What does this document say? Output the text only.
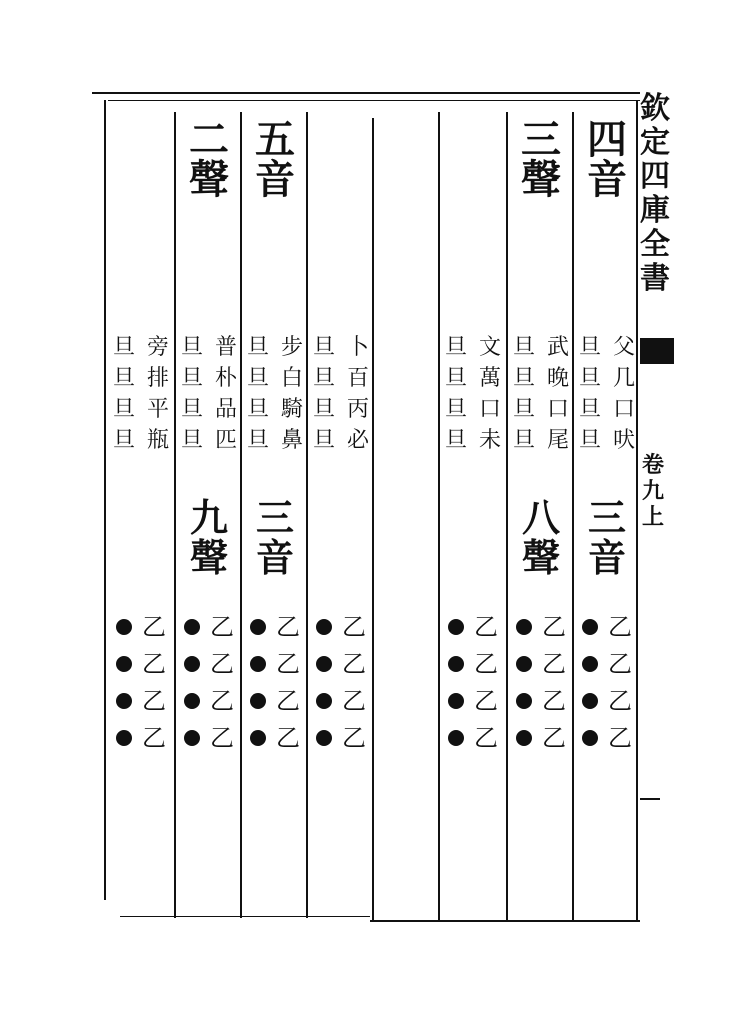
欽
定
四
庫
全
書
卷
九
上
四
音
旦 父
旦 几
旦 口
旦 吠
三
音
三
聲
旦 武
旦 晚
旦 口
旦 尾
八
聲
旦 文
旦 萬
旦 口
旦 未
旦 卜
旦 百
旦 丙
旦 必
五
音
旦 步
旦 白
旦 騎
旦 鼻
三
音
二
聲
旦 普
旦 朴
旦 品
旦 匹
九
聲
旦 旁
旦 排
旦 平
旦 瓶
乙
乙
乙
乙
乙
乙
乙
乙
乙
乙
乙
乙
乙
乙
乙
乙
乙
乙
乙
乙
乙
乙
乙
乙
乙
乙
乙
乙
